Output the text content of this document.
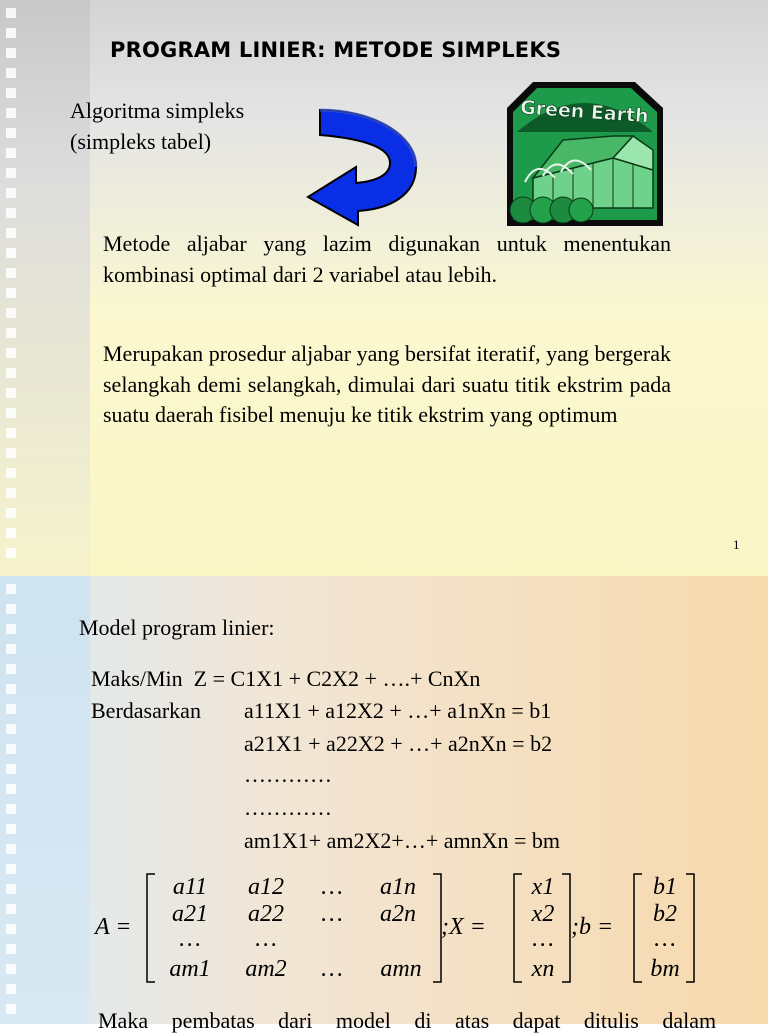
PROGRAM LINIER: METODE SIMPLEKS
Algoritma simpleks
(simpleks tabel)
Green Earth

Metode aljabar yang lazim digunakan untuk menentukan kombinasi optimal dari 2 variabel atau lebih.

Merupakan prosedur aljabar yang bersifat iteratif, yang bergerak selangkah demi selangkah, dimulai dari suatu titik ekstrim pada suatu daerah fisibel menuju ke titik ekstrim yang optimum

1
Model program linier:
Maks/Min  Z = C1X1 + C2X2 + ….+ CnXn
Berdasarkan a11X1 + a12X2 + …+ a1nXn = b1
a21X1 + a22X2 + …+ a2nXn = b2
…………
…………
am1X1+ am2X2+…+ amnXn = bm
A =
a11	a12	…	a1n
a21	a22	…	a2n
…	…
am1	am2	…	amn
;X =
x1
x2
…
xn
;b =
b1
b2
…
bm
Maka pembatas dari model di atas dapat ditulis dalam
